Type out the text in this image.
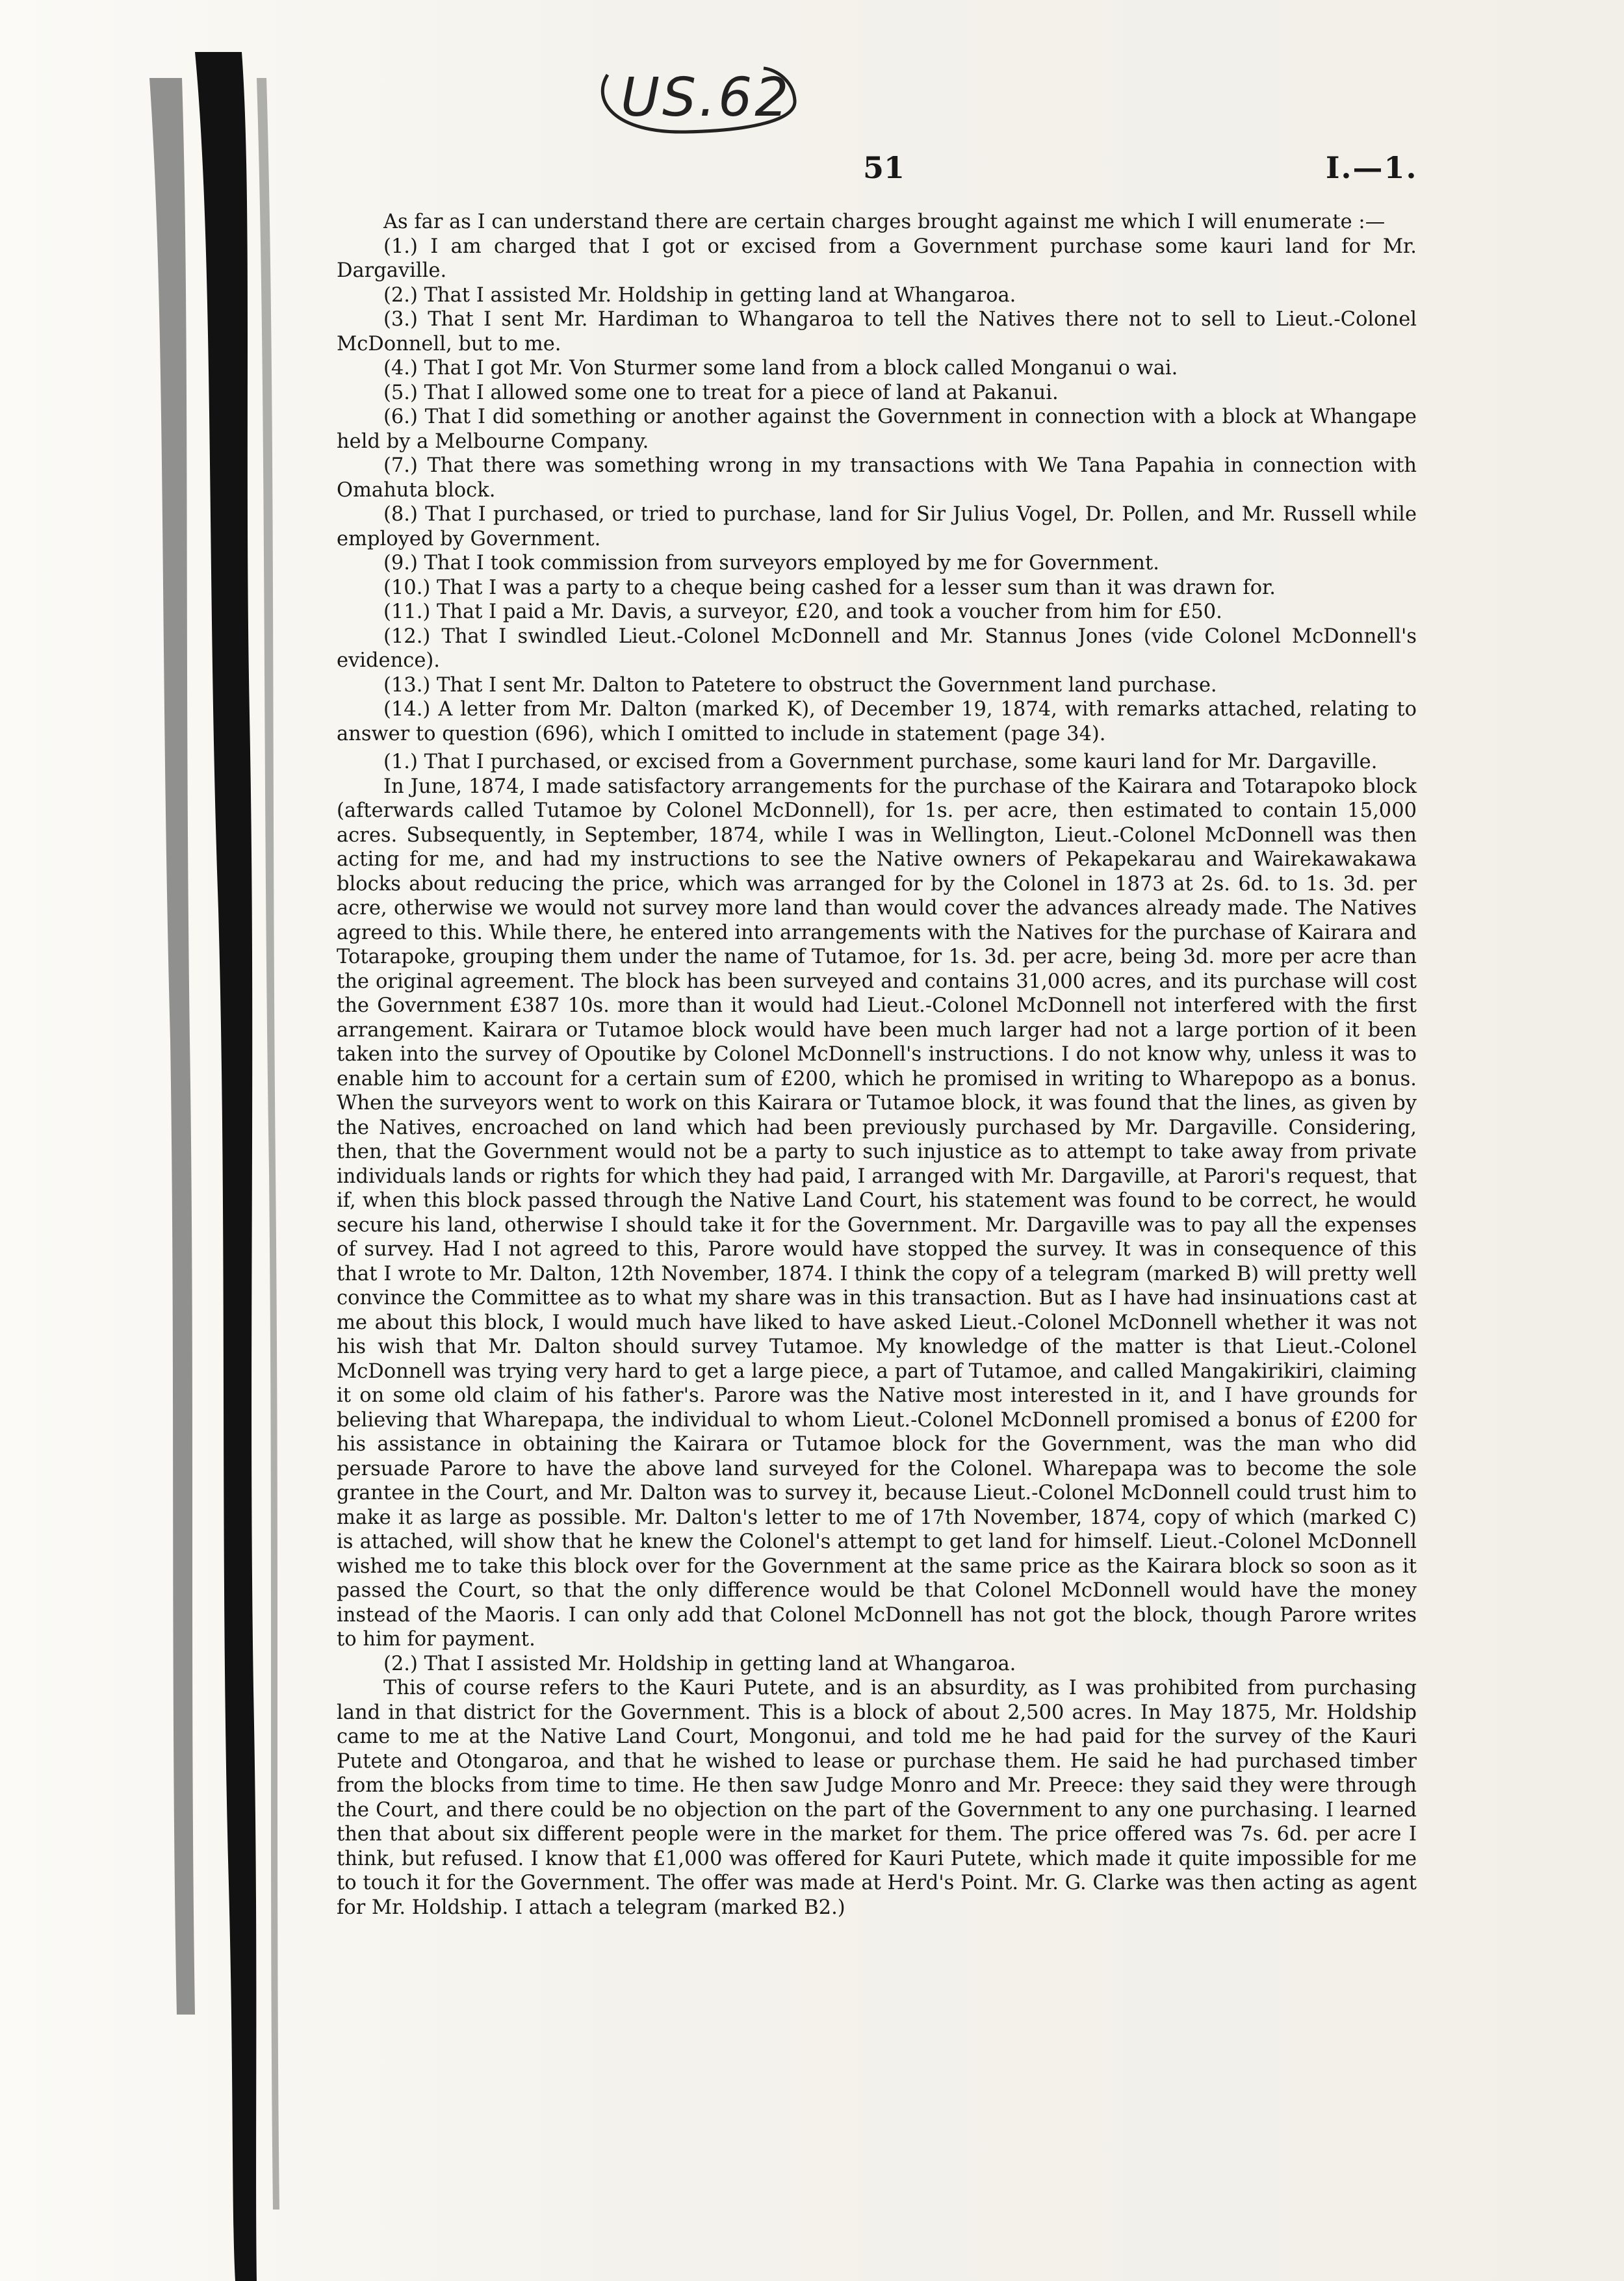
US.62
51	I.—1.

As far as I can understand there are certain charges brought against me which I will enumerate :—

(1.) I am charged that I got or excised from a Government purchase some kauri land for Mr. Dargaville.

(2.) That I assisted Mr. Holdship in getting land at Whangaroa.

(3.) That I sent Mr. Hardiman to Whangaroa to tell the Natives there not to sell to Lieut.-Colonel McDonnell, but to me.

(4.) That I got Mr. Von Sturmer some land from a block called Monganui o wai.

(5.) That I allowed some one to treat for a piece of land at Pakanui.

(6.) That I did something or another against the Government in connection with a block at Whangape held by a Melbourne Company.

(7.) That there was something wrong in my transactions with We Tana Papahia in connection with Omahuta block.

(8.) That I purchased, or tried to purchase, land for Sir Julius Vogel, Dr. Pollen, and Mr. Russell while employed by Government.

(9.) That I took commission from surveyors employed by me for Government.

(10.) That I was a party to a cheque being cashed for a lesser sum than it was drawn for.

(11.) That I paid a Mr. Davis, a surveyor, £20, and took a voucher from him for £50.

(12.) That I swindled Lieut.-Colonel McDonnell and Mr. Stannus Jones (vide Colonel McDonnell's evidence).

(13.) That I sent Mr. Dalton to Patetere to obstruct the Government land purchase.

(14.) A letter from Mr. Dalton (marked K), of December 19, 1874, with remarks attached, relating to answer to question (696), which I omitted to include in statement (page 34).

(1.) That I purchased, or excised from a Government purchase, some kauri land for Mr. Dargaville.

In June, 1874, I made satisfactory arrangements for the purchase of the Kairara and Totarapoko block (afterwards called Tutamoe by Colonel McDonnell), for 1s. per acre, then estimated to contain 15,000 acres. Subsequently, in September, 1874, while I was in Wellington, Lieut.-Colonel McDonnell was then acting for me, and had my instructions to see the Native owners of Pekapekarau and Wairekawakawa blocks about reducing the price, which was arranged for by the Colonel in 1873 at 2s. 6d. to 1s. 3d. per acre, otherwise we would not survey more land than would cover the advances already made. The Natives agreed to this. While there, he entered into arrangements with the Natives for the purchase of Kairara and Totarapoke, grouping them under the name of Tutamoe, for 1s. 3d. per acre, being 3d. more per acre than the original agreement. The block has been surveyed and contains 31,000 acres, and its purchase will cost the Government £387 10s. more than it would had Lieut.-Colonel McDonnell not interfered with the first arrangement. Kairara or Tutamoe block would have been much larger had not a large portion of it been taken into the survey of Opoutike by Colonel McDonnell's instructions. I do not know why, unless it was to enable him to account for a certain sum of £200, which he promised in writing to Wharepopo as a bonus. When the surveyors went to work on this Kairara or Tutamoe block, it was found that the lines, as given by the Natives, encroached on land which had been previously purchased by Mr. Dargaville. Considering, then, that the Government would not be a party to such injustice as to attempt to take away from private individuals lands or rights for which they had paid, I arranged with Mr. Dargaville, at Parori's request, that if, when this block passed through the Native Land Court, his statement was found to be correct, he would secure his land, otherwise I should take it for the Government. Mr. Dargaville was to pay all the expenses of survey. Had I not agreed to this, Parore would have stopped the survey. It was in consequence of this that I wrote to Mr. Dalton, 12th November, 1874. I think the copy of a telegram (marked B) will pretty well convince the Committee as to what my share was in this transaction. But as I have had insinuations cast at me about this block, I would much have liked to have asked Lieut.-Colonel McDonnell whether it was not his wish that Mr. Dalton should survey Tutamoe. My knowledge of the matter is that Lieut.-Colonel McDonnell was trying very hard to get a large piece, a part of Tutamoe, and called Mangakirikiri, claiming it on some old claim of his father's. Parore was the Native most interested in it, and I have grounds for believing that Wharepapa, the individual to whom Lieut.-Colonel McDonnell promised a bonus of £200 for his assistance in obtaining the Kairara or Tutamoe block for the Government, was the man who did persuade Parore to have the above land surveyed for the Colonel. Wharepapa was to become the sole grantee in the Court, and Mr. Dalton was to survey it, because Lieut.-Colonel McDonnell could trust him to make it as large as possible. Mr. Dalton's letter to me of 17th November, 1874, copy of which (marked C) is attached, will show that he knew the Colonel's attempt to get land for himself. Lieut.-Colonel McDonnell wished me to take this block over for the Government at the same price as the Kairara block so soon as it passed the Court, so that the only difference would be that Colonel McDonnell would have the money instead of the Maoris. I can only add that Colonel McDonnell has not got the block, though Parore writes to him for payment.

(2.) That I assisted Mr. Holdship in getting land at Whangaroa.

This of course refers to the Kauri Putete, and is an absurdity, as I was prohibited from purchasing land in that district for the Government. This is a block of about 2,500 acres. In May 1875, Mr. Holdship came to me at the Native Land Court, Mongonui, and told me he had paid for the survey of the Kauri Putete and Otongaroa, and that he wished to lease or purchase them. He said he had purchased timber from the blocks from time to time. He then saw Judge Monro and Mr. Preece: they said they were through the Court, and there could be no objection on the part of the Government to any one purchasing. I learned then that about six different people were in the market for them. The price offered was 7s. 6d. per acre I think, but refused. I know that £1,000 was offered for Kauri Putete, which made it quite impossible for me to touch it for the Government. The offer was made at Herd's Point. Mr. G. Clarke was then acting as agent for Mr. Holdship. I attach a telegram (marked B2.)
